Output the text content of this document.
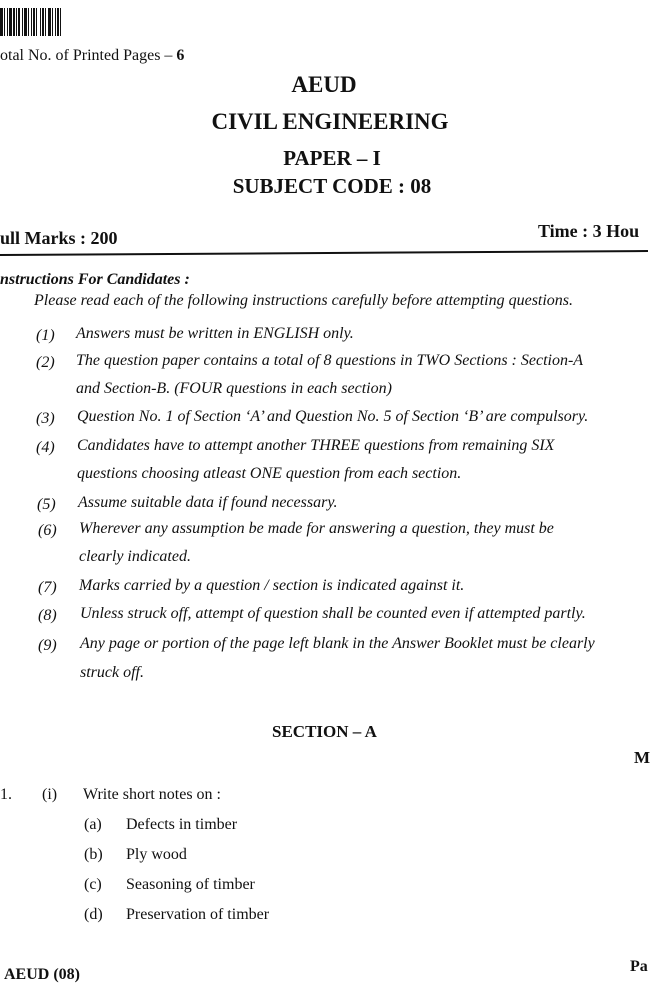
otal No. of Printed Pages – 6
AEUD
CIVIL ENGINEERING
PAPER – I
SUBJECT CODE : 08
ull Marks : 200	Time : 3 Hou
nstructions For Candidates :
Please read each of the following instructions carefully before attempting questions.
(1) Answers must be written in ENGLISH only.
(2) The question paper contains a total of 8 questions in TWO Sections : Section-A
and Section-B. (FOUR questions in each section)
(3) Question No. 1 of Section ‘A’ and Question No. 5 of Section ‘B’ are compulsory.
(4) Candidates have to attempt another THREE questions from remaining SIX
questions choosing atleast ONE question from each section.
(5) Assume suitable data if found necessary.
(6) Wherever any assumption be made for answering a question, they must be
clearly indicated.
(7) Marks carried by a question / section is indicated against it.
(8) Unless struck off, attempt of question shall be counted even if attempted partly.
(9) Any page or portion of the page left blank in the Answer Booklet must be clearly
struck off.
SECTION – A
M
1. (i) Write short notes on :
(a) Defects in timber
(b) Ply wood
(c) Seasoning of timber
(d) Preservation of timber
AEUD (08)	Pa
